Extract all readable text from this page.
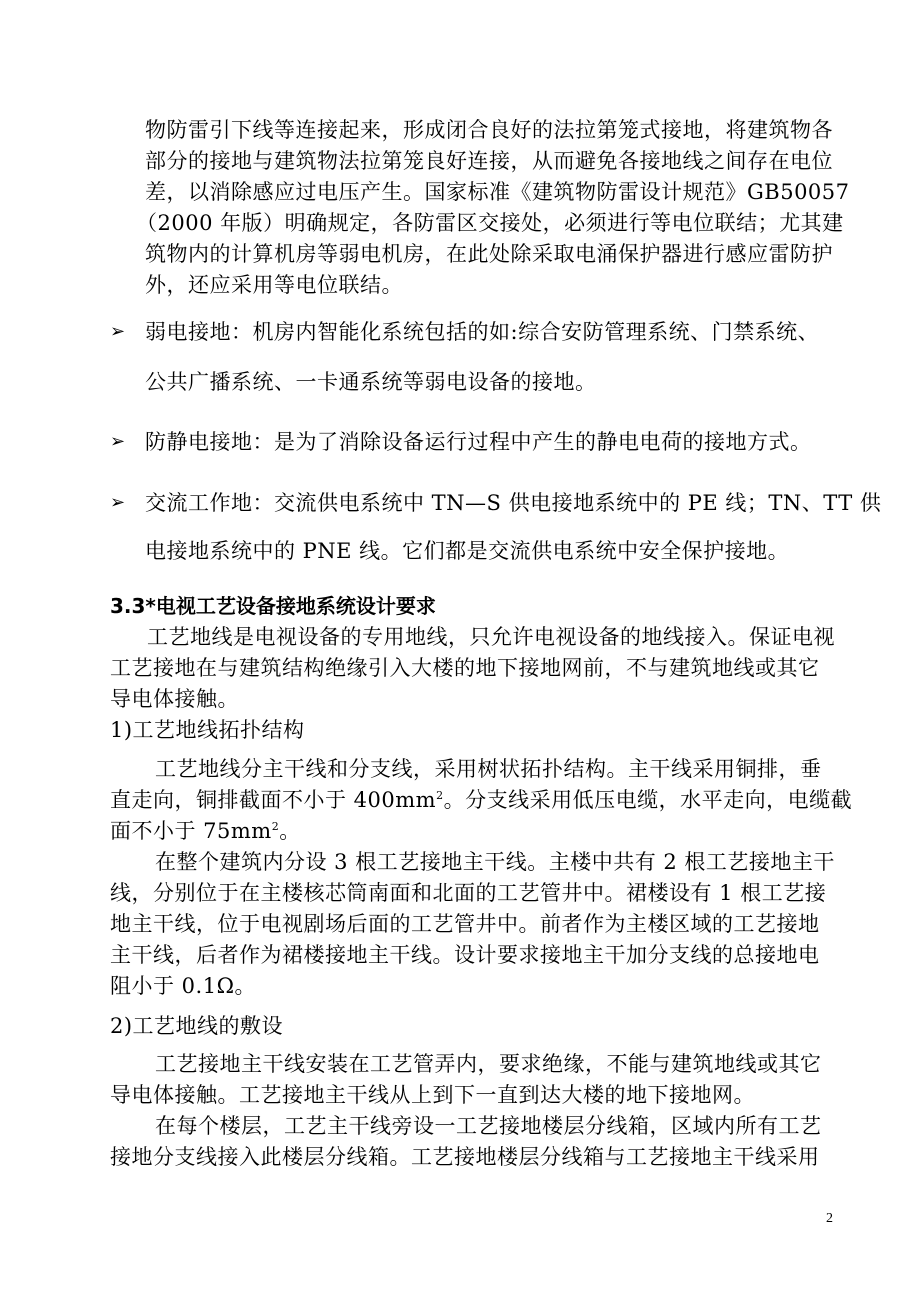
物防雷引下线等连接起来，形成闭合良好的法拉第笼式接地，将建筑物各
部分的接地与建筑物法拉第笼良好连接，从而避免各接地线之间存在电位
差，以消除感应过电压产生。国家标准《建筑物防雷设计规范》GB50057
（2000 年版）明确规定，各防雷区交接处，必须进行等电位联结；尤其建
筑物内的计算机房等弱电机房，在此处除采取电涌保护器进行感应雷防护
外，还应采用等电位联结。
➢ 弱电接地：机房内智能化系统包括的如:综合安防管理系统、门禁系统、
公共广播系统、一卡通系统等弱电设备的接地。
➢ 防静电接地：是为了消除设备运行过程中产生的静电电荷的接地方式。
➢ 交流工作地：交流供电系统中 TN—S 供电接地系统中的 PE 线；TN、TT 供
电接地系统中的 PNE 线。它们都是交流供电系统中安全保护接地。
3.3*电视工艺设备接地系统设计要求
工艺地线是电视设备的专用地线，只允许电视设备的地线接入。保证电视
工艺接地在与建筑结构绝缘引入大楼的地下接地网前，不与建筑地线或其它
导电体接触。
1)工艺地线拓扑结构
工艺地线分主干线和分支线，采用树状拓扑结构。主干线采用铜排，垂
直走向，铜排截面不小于 $400mm^2$。分支线采用低压电缆，水平走向，电缆截
面不小于 $75mm^2$。
在整个建筑内分设 3 根工艺接地主干线。主楼中共有 2 根工艺接地主干
线，分别位于在主楼核芯筒南面和北面的工艺管井中。裙楼设有 1 根工艺接
地主干线，位于电视剧场后面的工艺管井中。前者作为主楼区域的工艺接地
主干线，后者作为裙楼接地主干线。设计要求接地主干加分支线的总接地电
阻小于 0.1Ω。
2)工艺地线的敷设
工艺接地主干线安装在工艺管弄内，要求绝缘，不能与建筑地线或其它
导电体接触。工艺接地主干线从上到下一直到达大楼的地下接地网。
在每个楼层，工艺主干线旁设一工艺接地楼层分线箱，区域内所有工艺
接地分支线接入此楼层分线箱。工艺接地楼层分线箱与工艺接地主干线采用
2
